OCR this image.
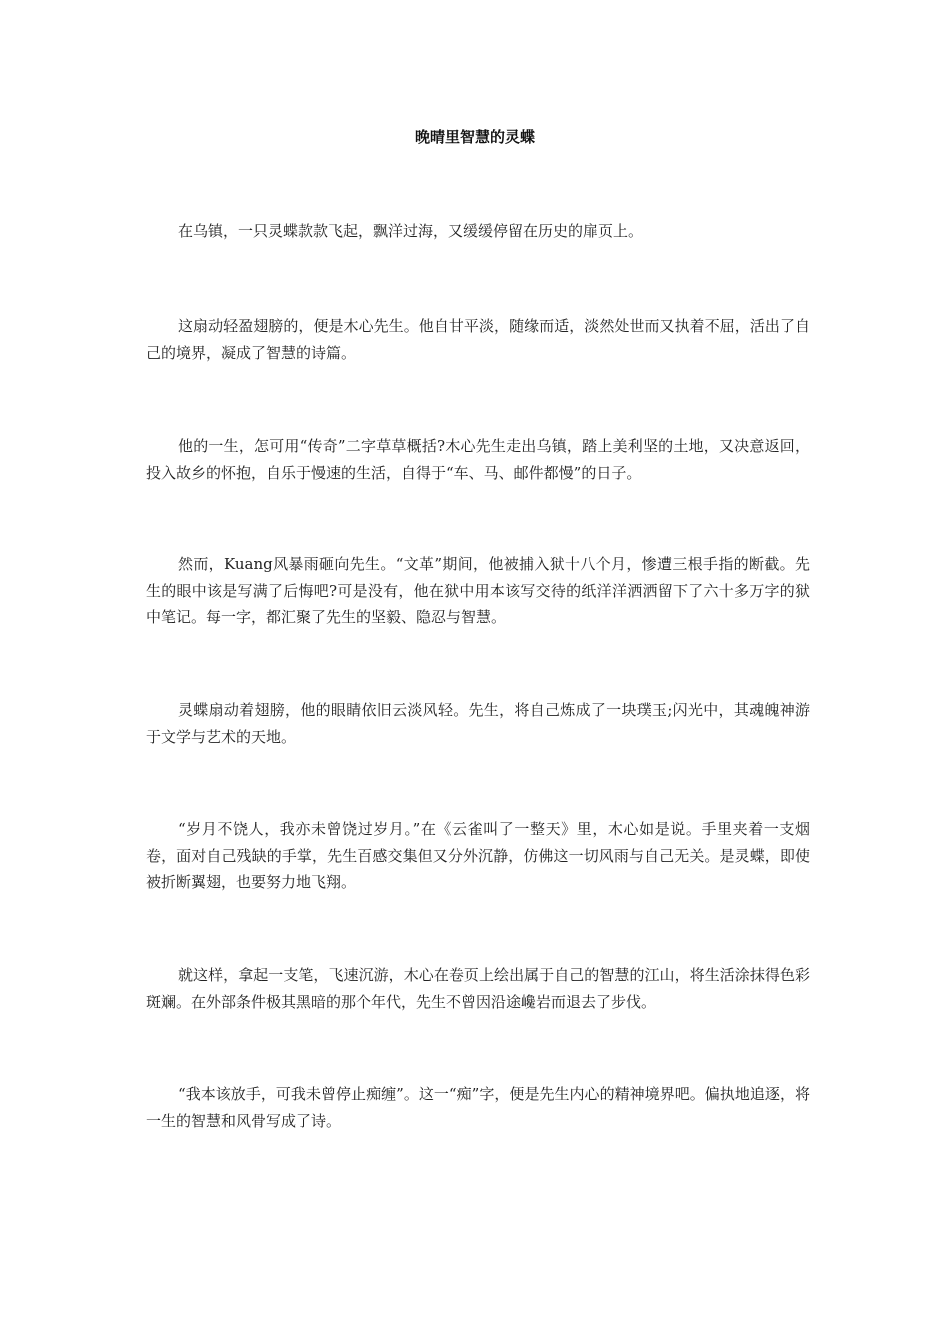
晚晴里智慧的灵蝶

在乌镇，一只灵蝶款款飞起，飘洋过海，又缓缓停留在历史的扉页上。

这扇动轻盈翅膀的，便是木心先生。他自甘平淡，随缘而适，淡然处世而又执着不屈，活出了自己的境界，凝成了智慧的诗篇。

他的一生，怎可用“传奇”二字草草概括?木心先生走出乌镇，踏上美利坚的土地，又决意返回，投入故乡的怀抱，自乐于慢速的生活，自得于“车、马、邮件都慢”的日子。

然而，Kuang风暴雨砸向先生。“文革”期间，他被捕入狱十八个月，惨遭三根手指的断截。先生的眼中该是写满了后悔吧?可是没有，他在狱中用本该写交待的纸洋洋洒洒留下了六十多万字的狱中笔记。每一字，都汇聚了先生的坚毅、隐忍与智慧。

灵蝶扇动着翅膀，他的眼睛依旧云淡风轻。先生，将自己炼成了一块璞玉;闪光中，其魂魄神游于文学与艺术的天地。

“岁月不饶人，我亦未曾饶过岁月。”在《云雀叫了一整天》里，木心如是说。手里夹着一支烟卷，面对自己残缺的手掌，先生百感交集但又分外沉静，仿佛这一切风雨与自己无关。是灵蝶，即使被折断翼翅，也要努力地飞翔。

就这样，拿起一支笔，飞速沉游，木心在卷页上绘出属于自己的智慧的江山，将生活涂抹得色彩斑斓。在外部条件极其黑暗的那个年代，先生不曾因沿途巉岩而退去了步伐。

“我本该放手，可我未曾停止痴缠”。这一“痴”字，便是先生内心的精神境界吧。偏执地追逐，将一生的智慧和风骨写成了诗。
